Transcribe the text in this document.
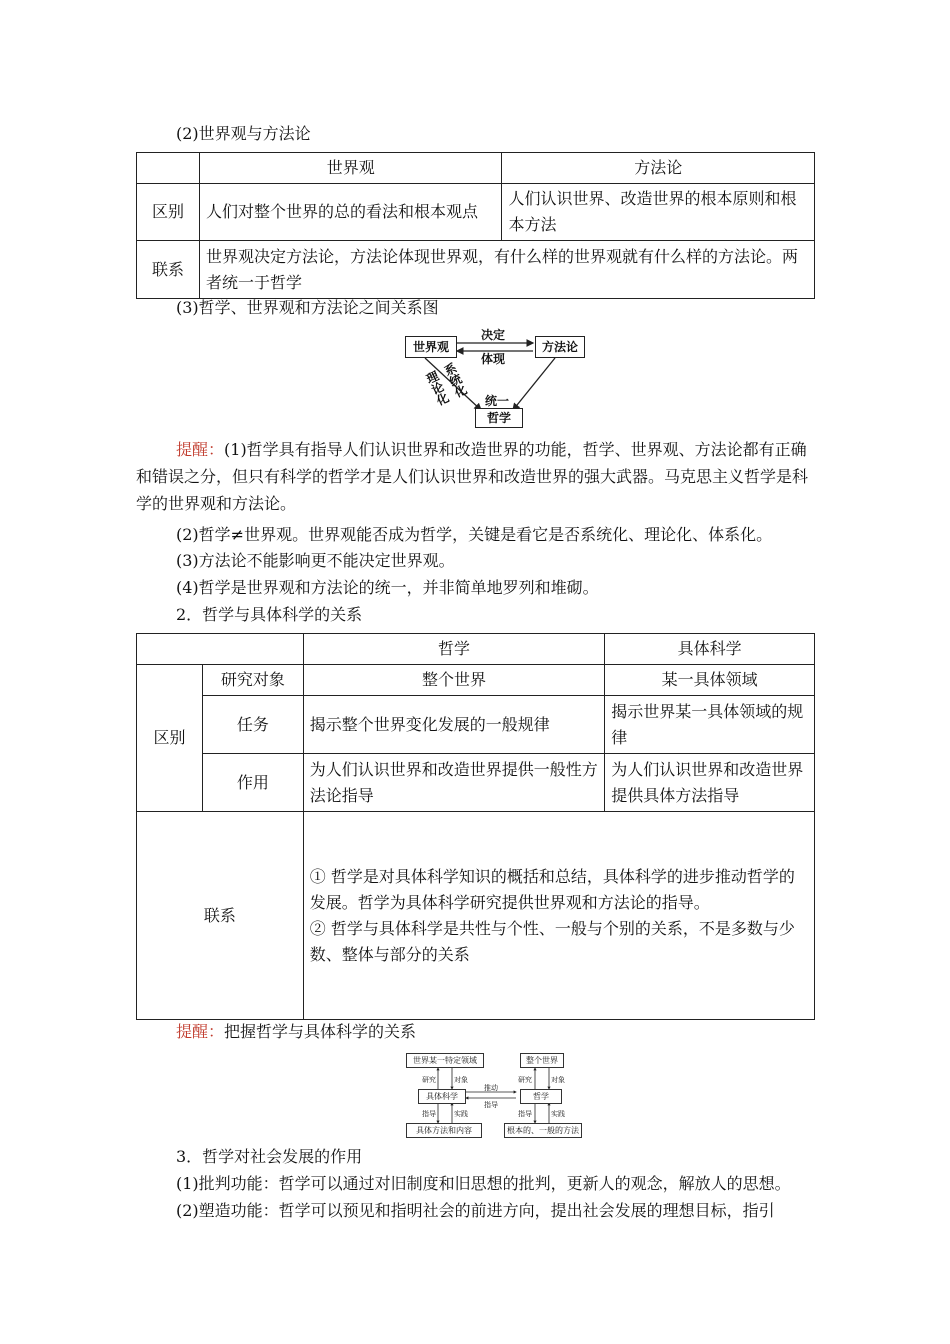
(2)世界观与方法论
	世界观	方法论
区别	人们对整个世界的总的看法和根本观点	人们认识世界、改造世界的根本原则和根本方法
联系	世界观决定方法论，方法论体现世界观，有什么样的世界观就有什么样的方法论。两者统一于哲学	
(3)哲学、世界观和方法论之间关系图
世界观	方法论
哲学
决定
体现
系统化
理论化	统一
提醒：(1)哲学具有指导人们认识世界和改造世界的功能，哲学、世界观、方法论都有正确和错误之分，但只有科学的哲学才是人们认识世界和改造世界的强大武器。马克思主义哲学是科学的世界观和方法论。
(2)哲学≠世界观。世界观能否成为哲学，关键是看它是否系统化、理论化、体系化。
(3)方法论不能影响更不能决定世界观。
(4)哲学是世界观和方法论的统一，并非简单地罗列和堆砌。
2．哲学与具体科学的关系
		哲学	具体科学
区别	研究对象	整个世界	某一具体领域
	任务	揭示整个世界变化发展的一般规律	揭示世界某一具体领域的规律
	作用	为人们认识世界和改造世界提供一般性方法论指导	为人们认识世界和改造世界提供具体方法指导
联系		① 哲学是对具体科学知识的概括和总结，具体科学的进步推动哲学的发展。哲学为具体科学研究提供世界观和方法论的指导。
② 哲学与具体科学是共性与个性、一般与个别的关系，不是多数与少数、整体与部分的关系	
提醒：把握哲学与具体科学的关系
世界某一特定领域	整个世界
具体科学	哲学
具体方法和内容	根本的、一般的方法
研究	对象	研究	对象
推动
指导
指导	实践	指导	实践
3．哲学对社会发展的作用
(1)批判功能：哲学可以通过对旧制度和旧思想的批判，更新人的观念，解放人的思想。
(2)塑造功能：哲学可以预见和指明社会的前进方向，提出社会发展的理想目标，指引
